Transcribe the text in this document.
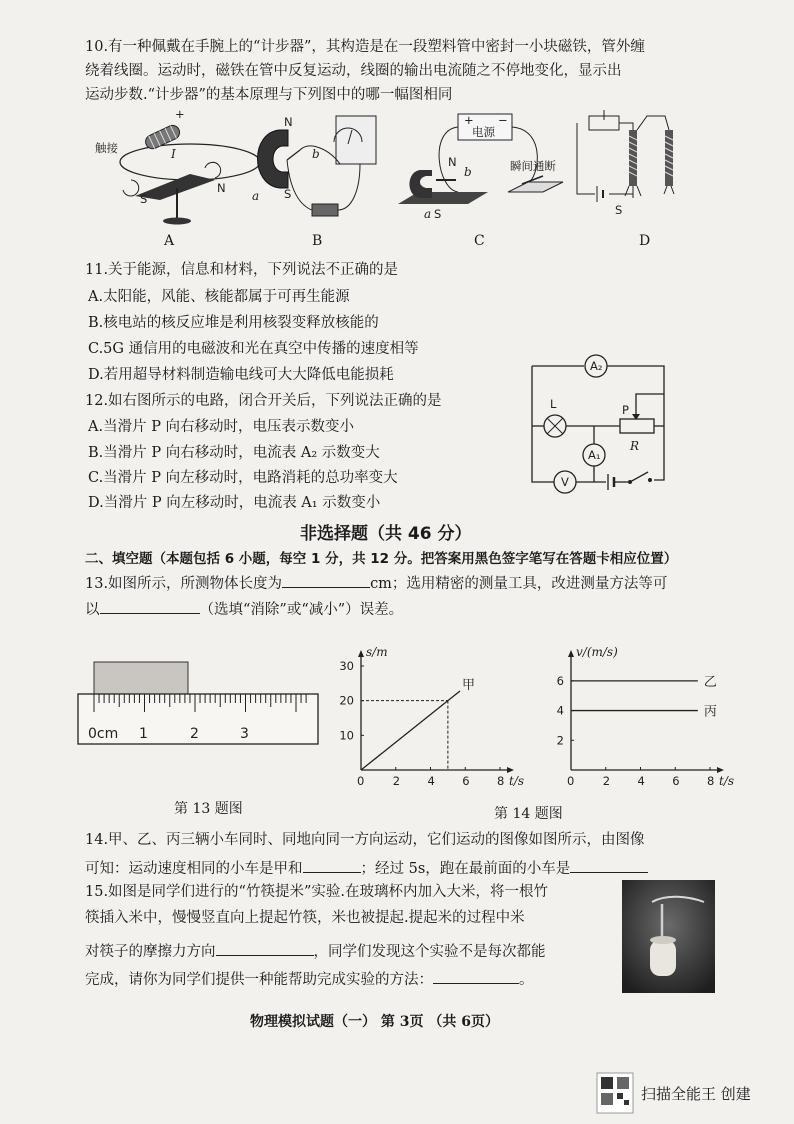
10.有一种佩戴在手腕上的“计步器”，其构造是在一段塑料管中密封一小块磁铁，管外缠
绕着线圈。运动时，磁铁在管中反复运动，线圈的输出电流随之不停地变化，显示出
运动步数.“计步器”的基本原理与下列图中的哪一幅图相同
触接
+
I
N
S
A
N
S
a
b
B
+ −
电源
N
b
a S
瞬间通断
C
S
D
11.关于能源，信息和材料，下列说法不正确的是
A.太阳能，风能、核能都属于可再生能源
B.核电站的核反应堆是利用核裂变释放核能的
C.5G 通信用的电磁波和光在真空中传播的速度相等
D.若用超导材料制造输电线可大大降低电能损耗
12.如右图所示的电路，闭合开关后，下列说法正确的是
A.当滑片 P 向右移动时，电压表示数变小
B.当滑片 P 向右移动时，电流表 A₂ 示数变大
C.当滑片 P 向左移动时，电路消耗的总功率变大
D.当滑片 P 向左移动时，电流表 A₁ 示数变小
A₂
L	P
R
A₁
V
非选择题（共 46 分）
二、填空题（本题包括 6 小题，每空 1 分，共 12 分。把答案用黑色签字笔写在答题卡相应位置）
13.如图所示，所测物体长度为	cm；选用精密的测量工具，改进测量方法等可
以	（选填“消除”或“减小”）误差。
0cm 1	2	3
第 13 题图
0 2 4 6 8
10
20
30
s/m
t/s
甲
0 2 4 6 8
2
4
6
v/(m/s)
t/s
乙
丙
第 14 题图
14.甲、乙、丙三辆小车同时、同地向同一方向运动，它们运动的图像如图所示，由图像
可知：运动速度相同的小车是甲和	；经过 5s，跑在最前面的小车是
15.如图是同学们进行的“竹筷提米”实验.在玻璃杯内加入大米，将一根竹
筷插入米中，慢慢竖直向上提起竹筷，米也被提起.提起米的过程中米
对筷子的摩擦力方向	，同学们发现这个实验不是每次都能
完成，请你为同学们提供一种能帮助完成实验的方法：	。
物理模拟试题（一） 第 3页 （共 6页）
扫描全能王 创建
